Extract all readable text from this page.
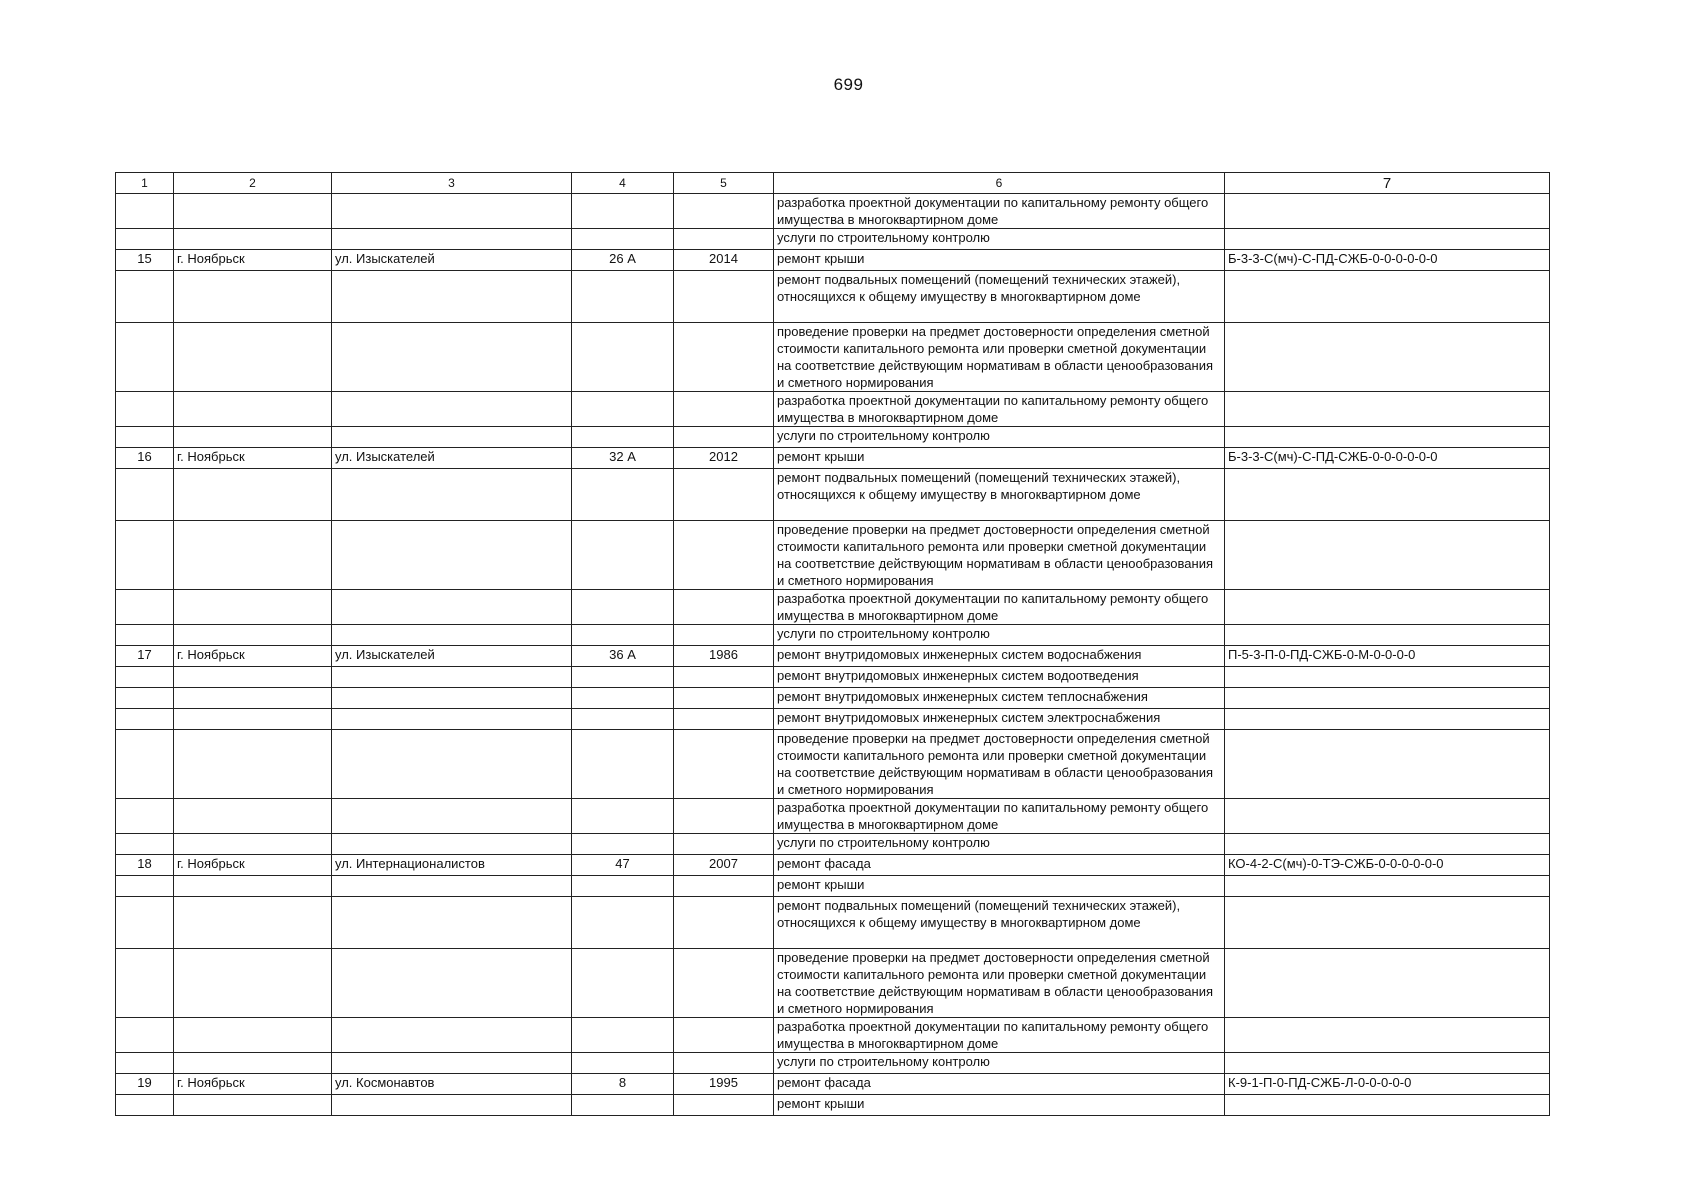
699
1	2	3	4	5	6	7
					разработка проектной документации по капитальному ремонту общего имущества в многоквартирном доме	
					услуги по строительному контролю	
15	г. Ноябрьск	ул. Изыскателей	26 А	2014	ремонт крыши	Б-3-3-С(мч)-С-ПД-СЖБ-0-0-0-0-0-0
					ремонт подвальных помещений (помещений технических этажей), относящихся к общему имуществу в многоквартирном доме	
					проведение проверки на предмет достоверности определения сметной стоимости капитального ремонта или проверки сметной документации на соответствие действующим нормативам в области ценообразования и сметного нормирования	
					разработка проектной документации по капитальному ремонту общего имущества в многоквартирном доме	
					услуги по строительному контролю	
16	г. Ноябрьск	ул. Изыскателей	32 А	2012	ремонт крыши	Б-3-3-С(мч)-С-ПД-СЖБ-0-0-0-0-0-0
					ремонт подвальных помещений (помещений технических этажей), относящихся к общему имуществу в многоквартирном доме	
					проведение проверки на предмет достоверности определения сметной стоимости капитального ремонта или проверки сметной документации на соответствие действующим нормативам в области ценообразования и сметного нормирования	
					разработка проектной документации по капитальному ремонту общего имущества в многоквартирном доме	
					услуги по строительному контролю	
17	г. Ноябрьск	ул. Изыскателей	36 А	1986	ремонт внутридомовых инженерных систем водоснабжения	П-5-3-П-0-ПД-СЖБ-0-М-0-0-0-0
					ремонт внутридомовых инженерных систем водоотведения	
					ремонт внутридомовых инженерных систем теплоснабжения	
					ремонт внутридомовых инженерных систем электроснабжения	
					проведение проверки на предмет достоверности определения сметной стоимости капитального ремонта или проверки сметной документации на соответствие действующим нормативам в области ценообразования и сметного нормирования	
					разработка проектной документации по капитальному ремонту общего имущества в многоквартирном доме	
					услуги по строительному контролю	
18	г. Ноябрьск	ул. Интернационалистов	47	2007	ремонт фасада	КО-4-2-С(мч)-0-ТЭ-СЖБ-0-0-0-0-0-0
					ремонт крыши	
					ремонт подвальных помещений (помещений технических этажей), относящихся к общему имуществу в многоквартирном доме	
					проведение проверки на предмет достоверности определения сметной стоимости капитального ремонта или проверки сметной документации на соответствие действующим нормативам в области ценообразования и сметного нормирования	
					разработка проектной документации по капитальному ремонту общего имущества в многоквартирном доме	
					услуги по строительному контролю	
19	г. Ноябрьск	ул. Космонавтов	8	1995	ремонт фасада	К-9-1-П-0-ПД-СЖБ-Л-0-0-0-0-0
					ремонт крыши	
